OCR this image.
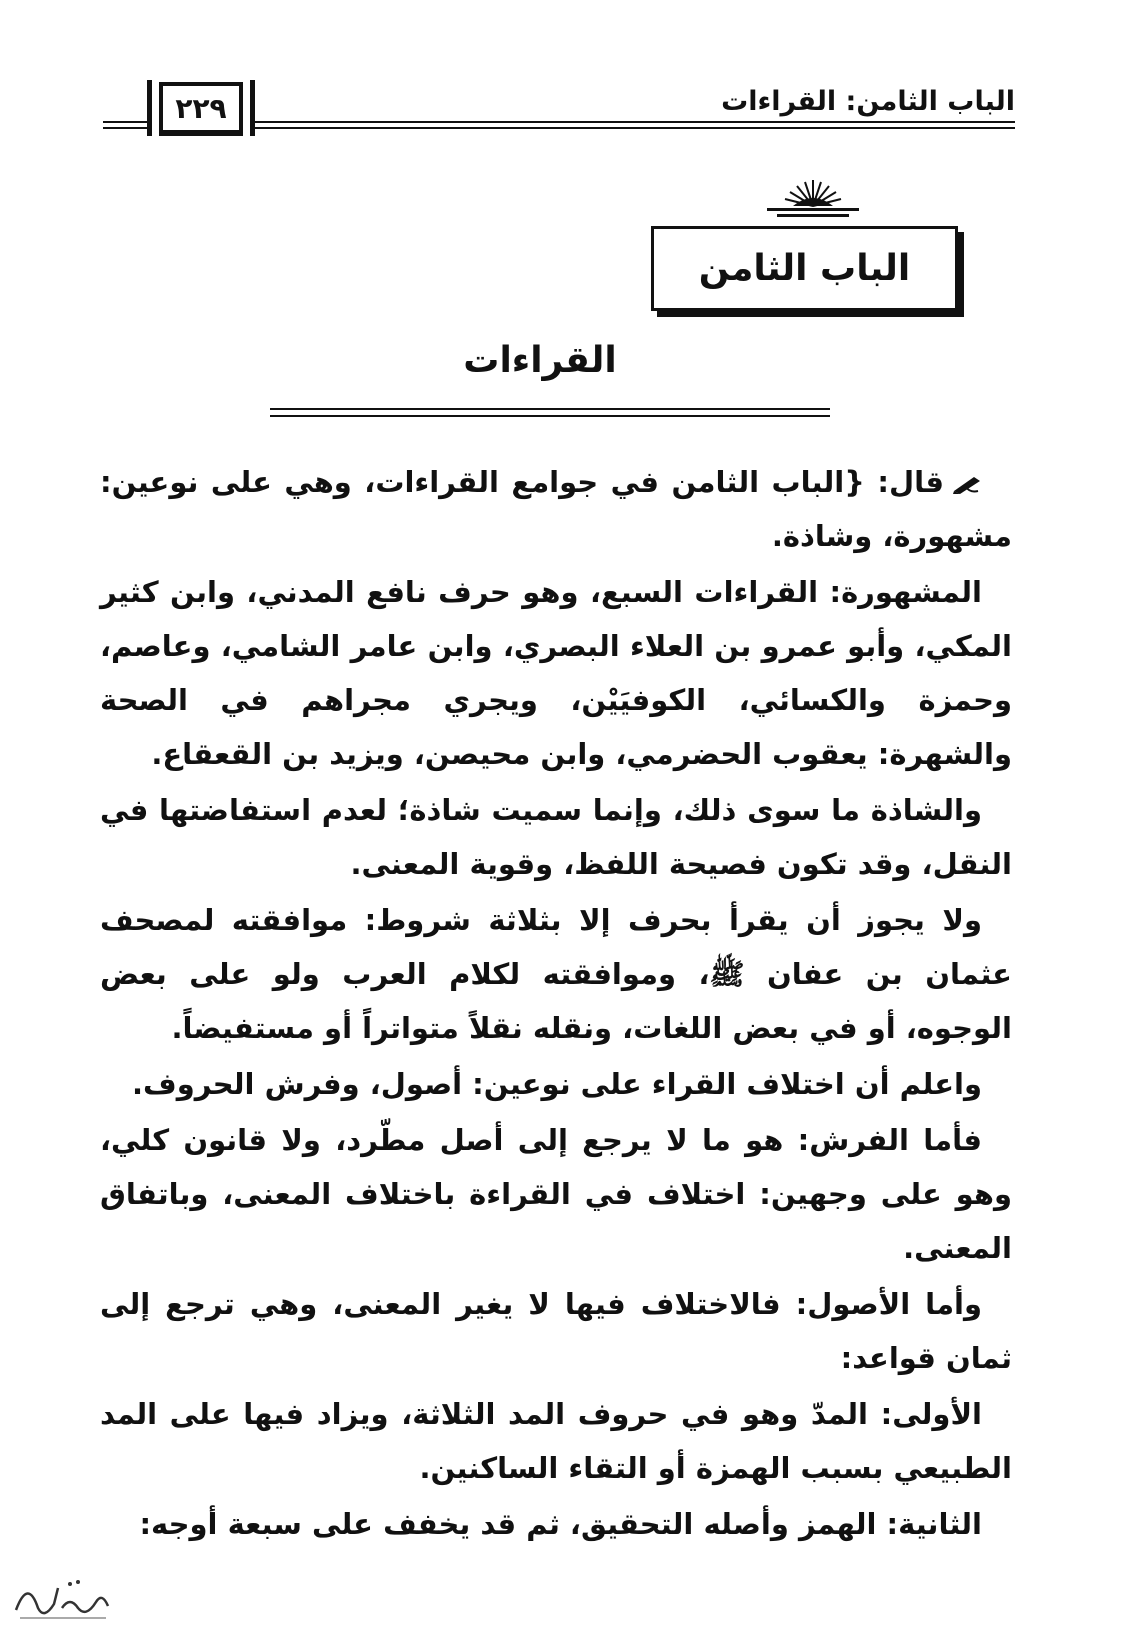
الباب الثامن: القراءات
٢٢٩
الباب الثامن
القراءات

قال: {الباب الثامن في جوامع القراءات، وهي على نوعين: مشهورة، وشاذة.

المشهورة: القراءات السبع، وهو حرف نافع المدني، وابن كثير المكي، وأبو عمرو بن العلاء البصري، وابن عامر الشامي، وعاصم، وحمزة والكسائي، الكوفيَيْن، ويجري مجراهم في الصحة والشهرة: يعقوب الحضرمي، وابن محيصن، ويزيد بن القعقاع.

والشاذة ما سوى ذلك، وإنما سميت شاذة؛ لعدم استفاضتها في النقل، وقد تكون فصيحة اللفظ، وقوية المعنى.

ولا يجوز أن يقرأ بحرف إلا بثلاثة شروط: موافقته لمصحف عثمان بن عفان ﷺ، وموافقته لكلام العرب ولو على بعض الوجوه، أو في بعض اللغات، ونقله نقلاً متواتراً أو مستفيضاً.

واعلم أن اختلاف القراء على نوعين: أصول، وفرش الحروف.

فأما الفرش: هو ما لا يرجع إلى أصل مطّرد، ولا قانون كلي، وهو على وجهين: اختلاف في القراءة باختلاف المعنى، وباتفاق المعنى.

وأما الأصول: فالاختلاف فيها لا يغير المعنى، وهي ترجع إلى ثمان قواعد:

الأولى: المدّ وهو في حروف المد الثلاثة، ويزاد فيها على المد الطبيعي بسبب الهمزة أو التقاء الساكنين.

الثانية: الهمز وأصله التحقيق، ثم قد يخفف على سبعة أوجه:
